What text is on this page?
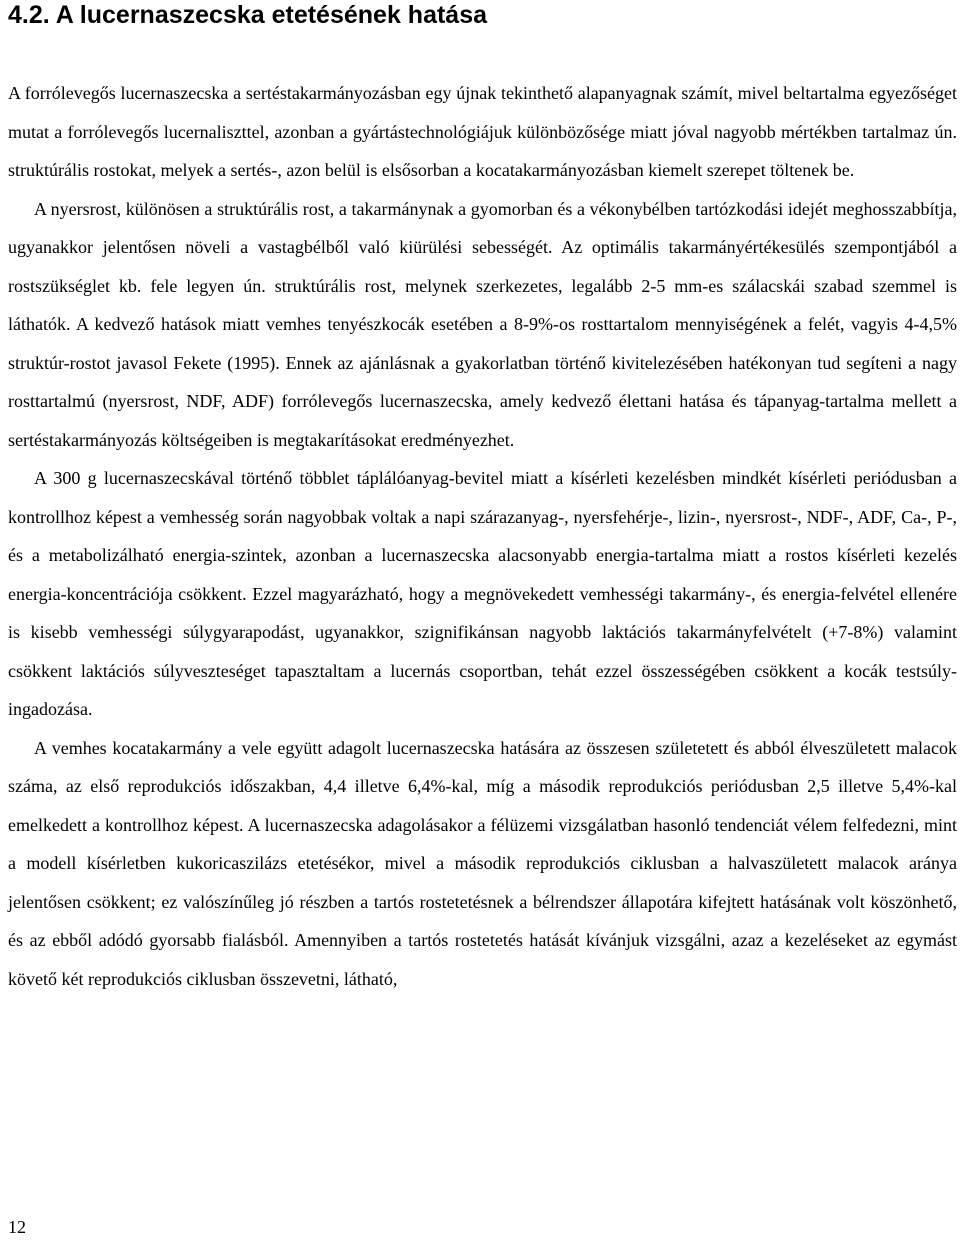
4.2. A lucernaszecska etetésének hatása

A forrólevegős lucernaszecska a sertéstakarmányozásban egy újnak tekinthető alapanyagnak számít, mivel beltartalma egyezőséget mutat a forrólevegős lucernaliszttel, azonban a gyártástechnológiájuk különbözősége miatt jóval nagyobb mértékben tartalmaz ún. struktúrális rostokat, melyek a sertés-, azon belül is elsősorban a kocatakarmányozásban kiemelt szerepet töltenek be.

A nyersrost, különösen a struktúrális rost, a takarmánynak a gyomorban és a vékonybélben tartózkodási idejét meghosszabbítja, ugyanakkor jelentősen növeli a vastagbélből való kiürülési sebességét. Az optimális takarmányértékesülés szempontjából a rostszükséglet kb. fele legyen ún. struktúrális rost, melynek szerkezetes, legalább 2-5 mm-es szálacskái szabad szemmel is láthatók. A kedvező hatások miatt vemhes tenyészkocák esetében a 8-9%-os rosttartalom mennyiségének a felét, vagyis 4-4,5% struktúr-rostot javasol Fekete (1995). Ennek az ajánlásnak a gyakorlatban történő kivitelezésében hatékonyan tud segíteni a nagy rosttartalmú (nyersrost, NDF, ADF) forrólevegős lucernaszecska, amely kedvező élettani hatása és tápanyag-tartalma mellett a sertéstakarmányozás költségeiben is megtakarításokat eredményezhet.

A 300 g lucernaszecskával történő többlet táplálóanyag-bevitel miatt a kísérleti kezelésben mindkét kísérleti periódusban a kontrollhoz képest a vemhesség során nagyobbak voltak a napi szárazanyag-, nyersfehérje-, lizin-, nyersrost-, NDF-, ADF, Ca-, P-, és a metabolizálható energia-szintek, azonban a lucernaszecska alacsonyabb energia-tartalma miatt a rostos kísérleti kezelés energia-koncentrációja csökkent. Ezzel magyarázható, hogy a megnövekedett vemhességi takarmány-, és energia-felvétel ellenére is kisebb vemhességi súlygyarapodást, ugyanakkor, szignifikánsan nagyobb laktációs takarmányfelvételt (+7-8%) valamint csökkent laktációs súlyveszteséget tapasztaltam a lucernás csoportban, tehát ezzel összességében csökkent a kocák testsúly-ingadozása.

A vemhes kocatakarmány a vele együtt adagolt lucernaszecska hatására az összesen születetett és abból élveszületett malacok száma, az első reprodukciós időszakban, 4,4 illetve 6,4%-kal, míg a második reprodukciós periódusban 2,5 illetve 5,4%-kal emelkedett a kontrollhoz képest. A lucernaszecska adagolásakor a félüzemi vizsgálatban hasonló tendenciát vélem felfedezni, mint a modell kísérletben kukoricaszilázs etetésékor, mivel a második reprodukciós ciklusban a halvaszületett malacok aránya jelentősen csökkent; ez valószínűleg jó részben a tartós rostetetésnek a bélrendszer állapotára kifejtett hatásának volt köszönhető, és az ebből adódó gyorsabb fialásból. Amennyiben a tartós rostetetés hatását kívánjuk vizsgálni, azaz a kezeléseket az egymást követő két reprodukciós ciklusban összevetni, látható,

12
